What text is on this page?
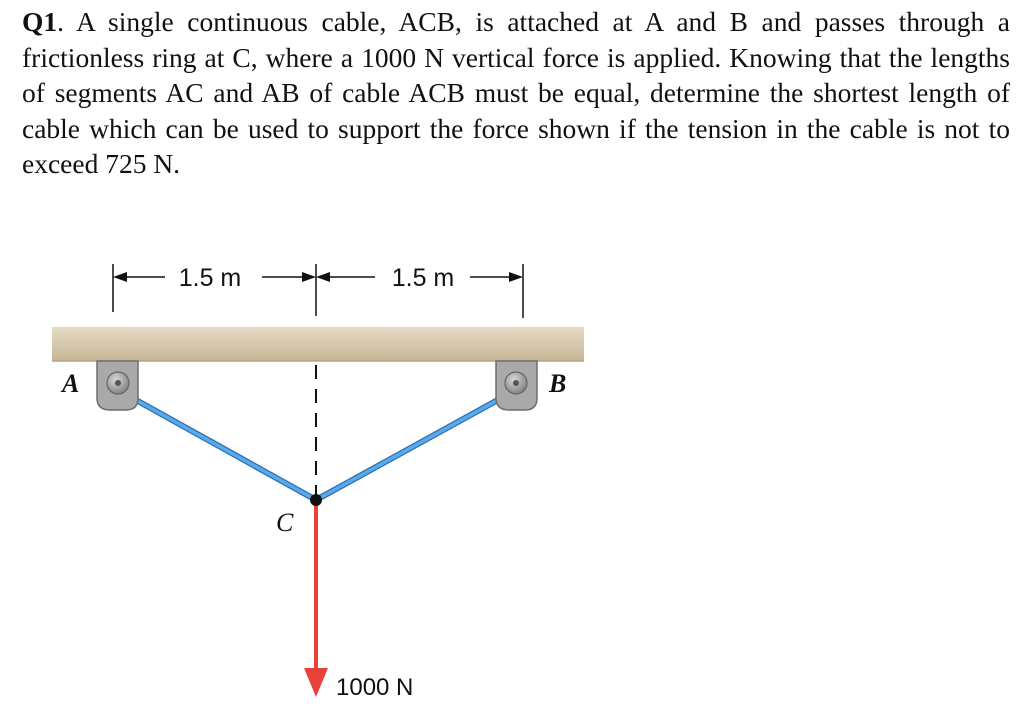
Q1. A single continuous cable, ACB, is attached at A and B and passes through a frictionless ring at C, where a 1000 N vertical force is applied. Knowing that the lengths of segments AC and AB of cable ACB must be equal, determine the shortest length of cable which can be used to support the force shown if the tension in the cable is not to exceed 725 N.
1.5 m	1.5 m
A	B
C
1000 N
